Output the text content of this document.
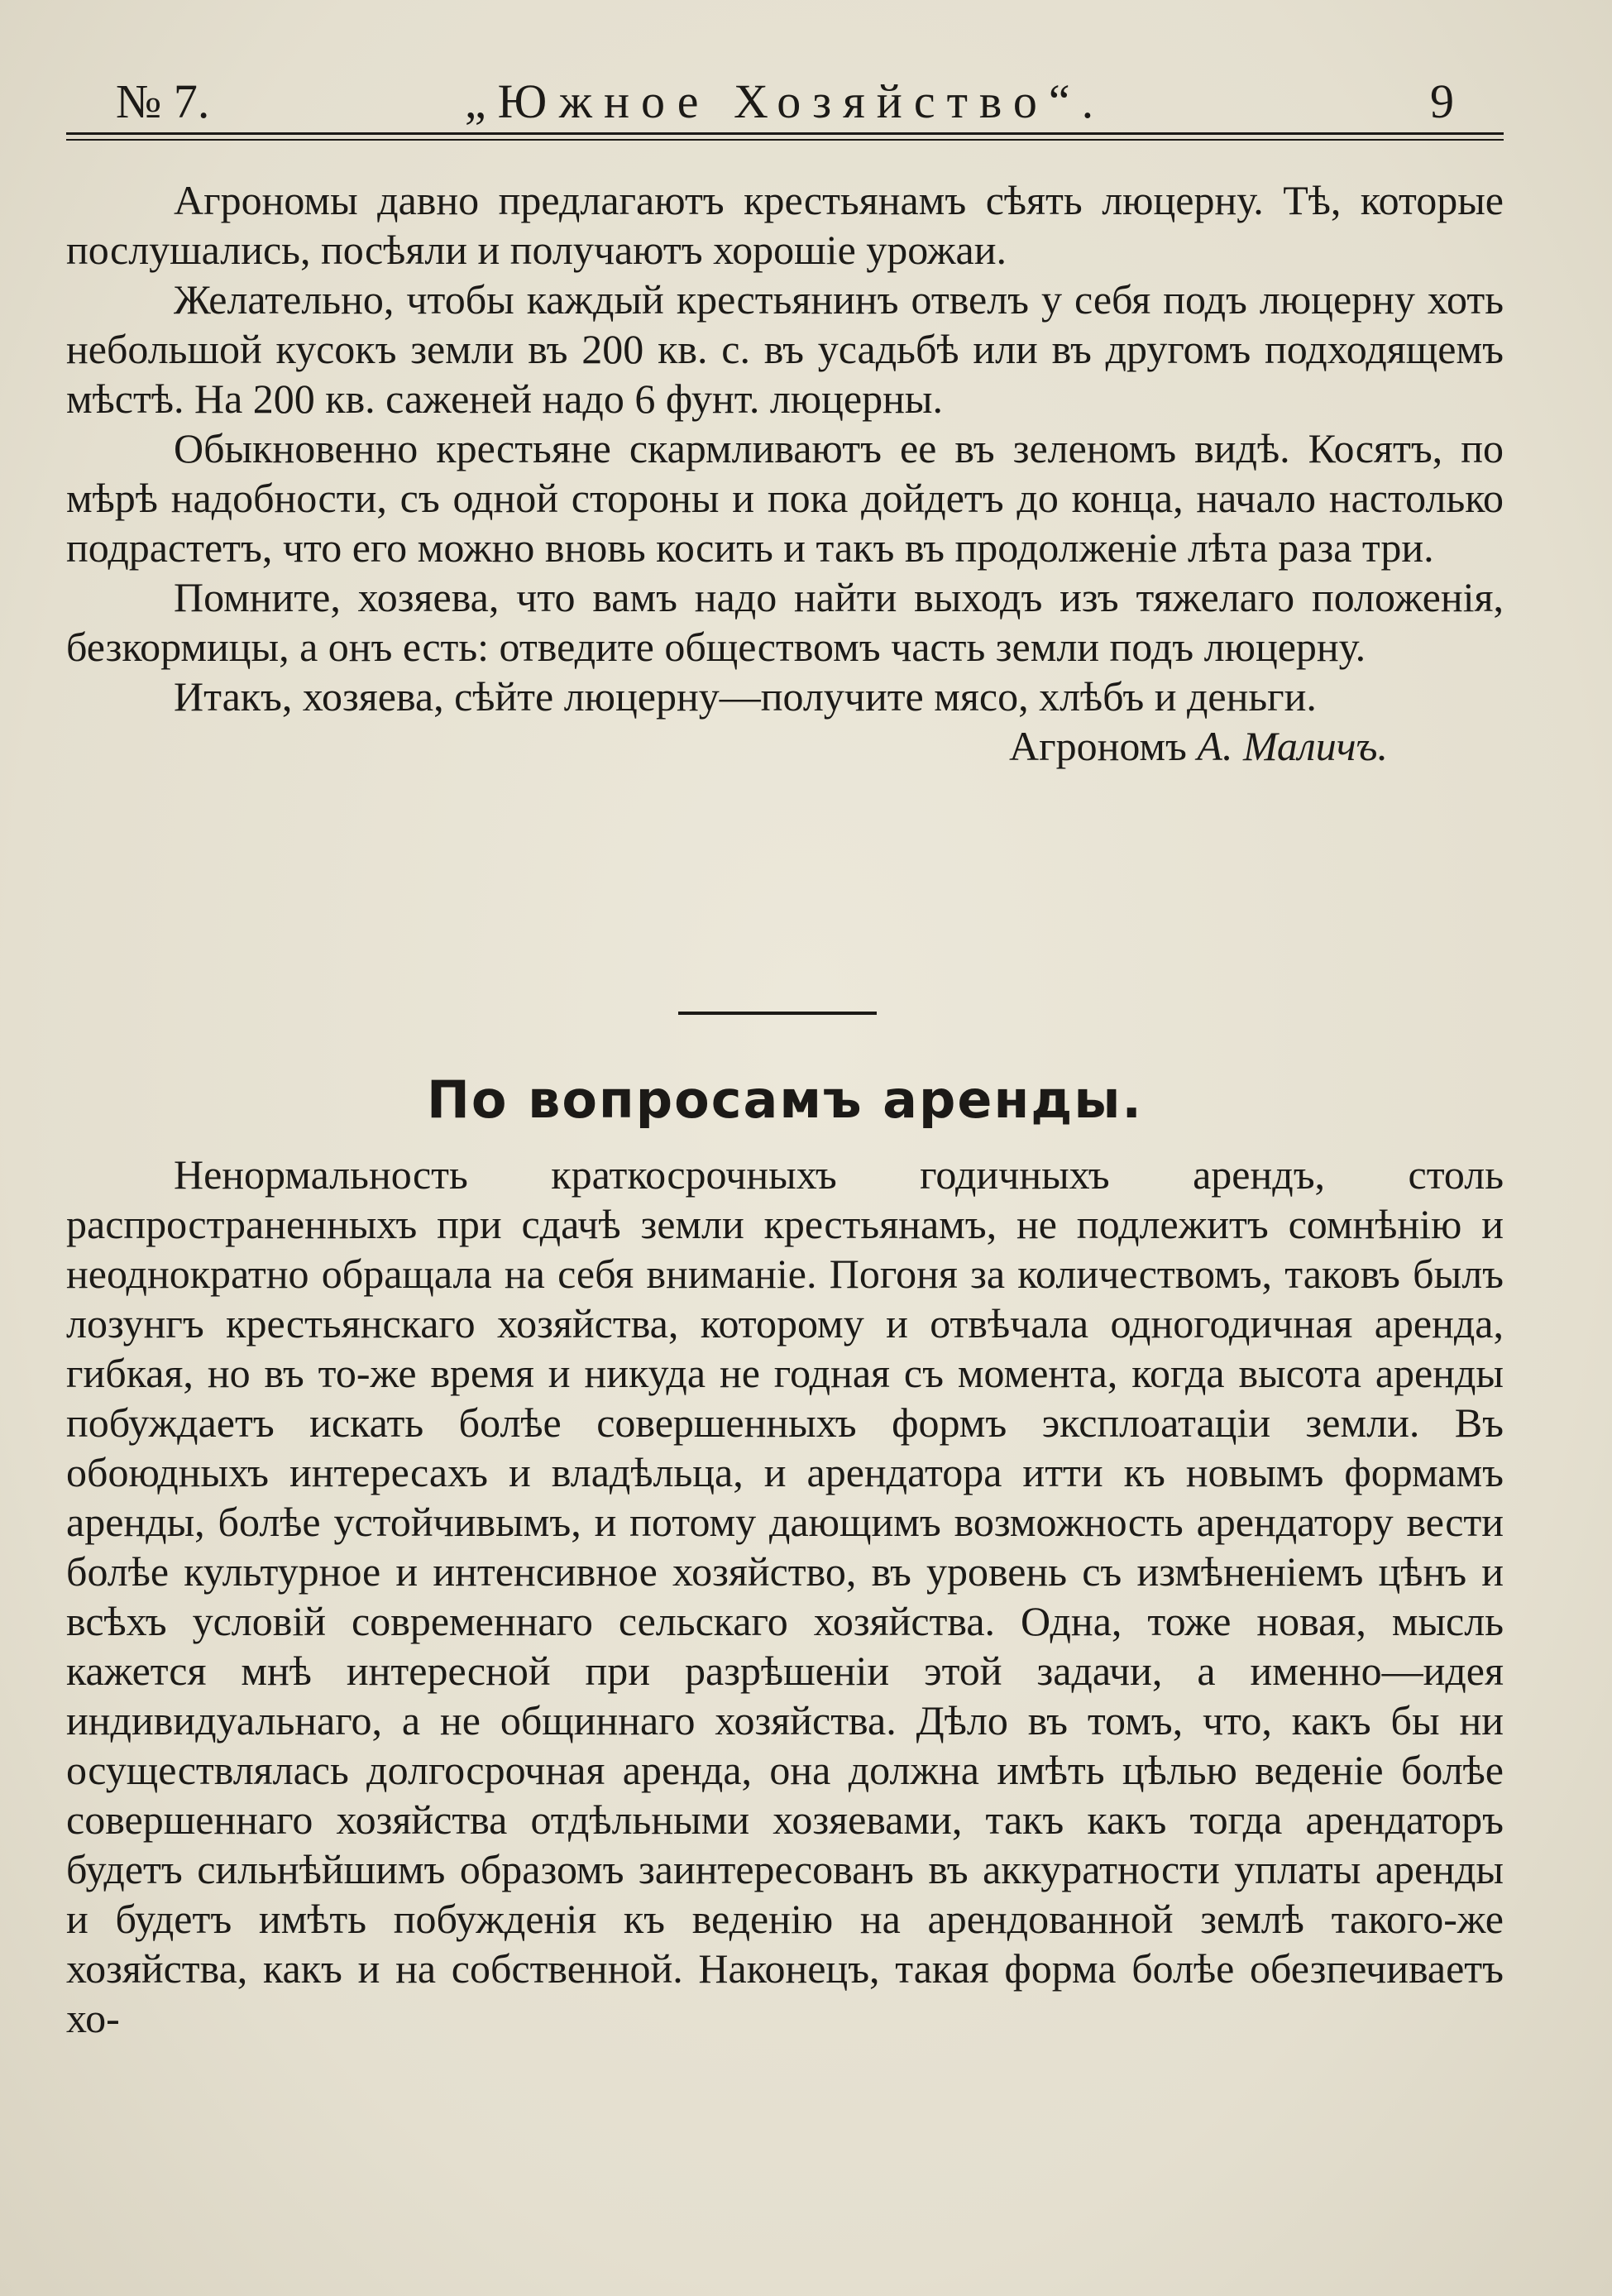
№ 7.	„Южное Хозяйство“.	9

Агрономы давно предлагаютъ крестьянамъ сѣять люцерну. Тѣ, которые послушались, посѣяли и получаютъ хорошіе урожаи.

Желательно, чтобы каждый крестьянинъ отвелъ у себя подъ люцерну хоть небольшой кусокъ земли въ 200 кв. с. въ усадьбѣ или въ другомъ подходящемъ мѣстѣ. На 200 кв. саженей надо 6 фунт. люцерны.

Обыкновенно крестьяне скармливаютъ ее въ зеленомъ видѣ. Косятъ, по мѣрѣ надобности, съ одной стороны и пока дойдетъ до конца, начало настолько подрастетъ, что его можно вновь косить и такъ въ продолженіе лѣта раза три.

Помните, хозяева, что вамъ надо найти выходъ изъ тяжелаго положенія, безкормицы, а онъ есть: отведите обществомъ часть земли подъ люцерну.

Итакъ, хозяева, сѣйте люцерну—получите мясо, хлѣбъ и деньги.

Агрономъ А. Маличъ.

По вопросамъ аренды.

Ненормальность краткосрочныхъ годичныхъ арендъ, столь распространенныхъ при сдачѣ земли крестьянамъ, не подлежитъ сомнѣнію и неоднократно обращала на себя вниманіе. Погоня за количествомъ, таковъ былъ лозунгъ крестьянскаго хозяйства, которому и отвѣчала одногодичная аренда, гибкая, но въ то-же время и никуда не годная съ момента, когда высота аренды побуждаетъ искать болѣе совершенныхъ формъ эксплоатаціи земли. Въ обоюдныхъ интересахъ и владѣльца, и арендатора итти къ новымъ формамъ аренды, болѣе устойчивымъ, и потому дающимъ возможность арендатору вести болѣе культурное и интенсивное хозяйство, въ уровень съ измѣненіемъ цѣнъ и всѣхъ условій современнаго сельскаго хозяйства. Одна, тоже новая, мысль кажется мнѣ интересной при разрѣшеніи этой задачи, а именно—идея индивидуальнаго, а не общиннаго хозяйства. Дѣло въ томъ, что, какъ бы ни осуществлялась долгосрочная аренда, она должна имѣть цѣлью веденіе болѣе совершеннаго хозяйства отдѣльными хозяевами, такъ какъ тогда арендаторъ будетъ сильнѣйшимъ образомъ заинтересованъ въ аккуратности уплаты аренды и будетъ имѣть побужденія къ веденію на арендованной землѣ такого-же хозяйства, какъ и на собственной. Наконецъ, такая форма болѣе обезпечиваетъ хо-
